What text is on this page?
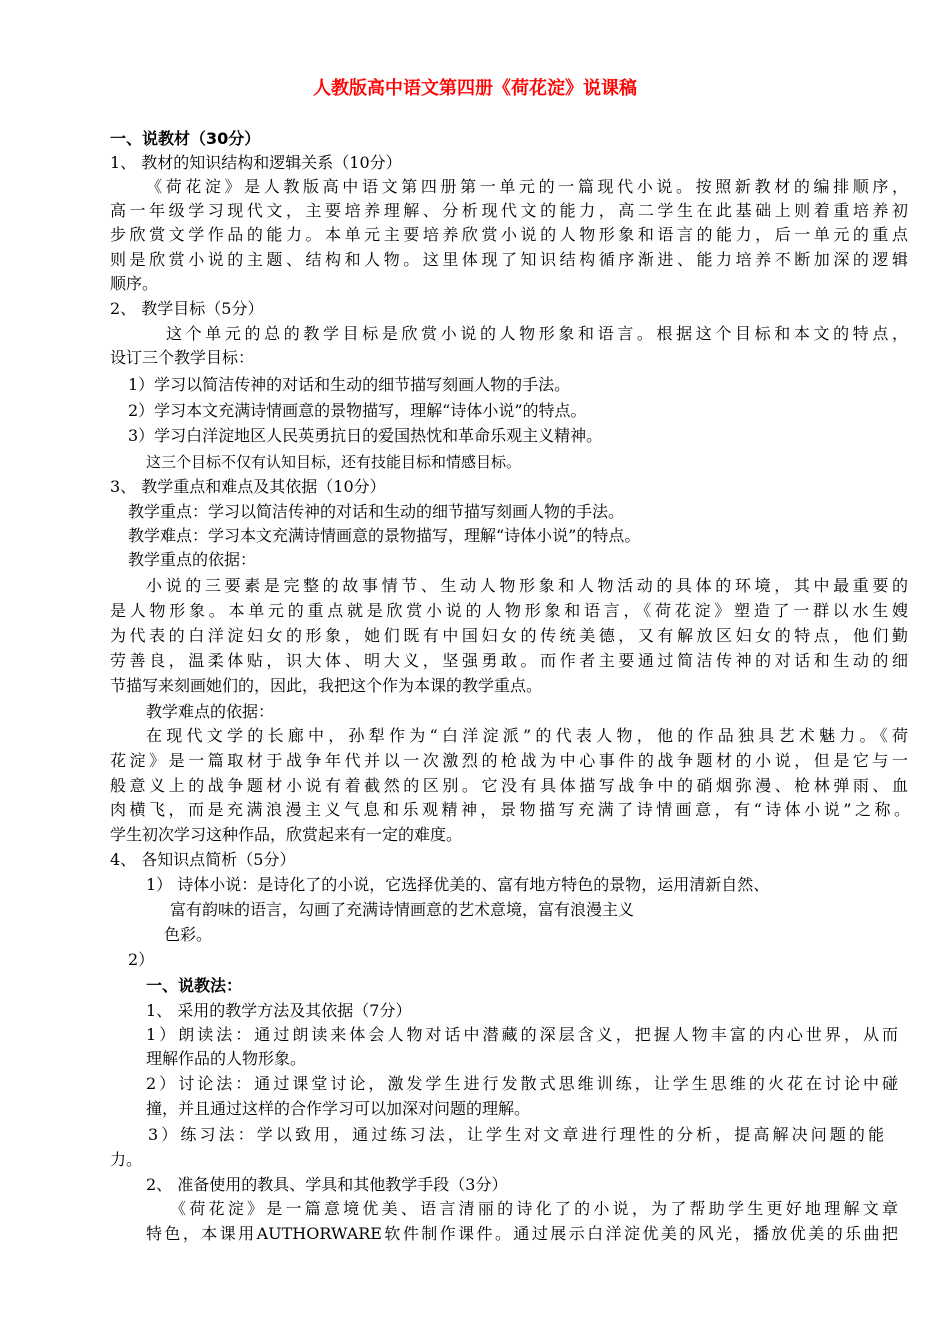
人教版高中语文第四册《荷花淀》说课稿
一、说教材（30分）
1、 教材的知识结构和逻辑关系（10分）
《荷花淀》是人教版高中语文第四册第一单元的一篇现代小说。按照新教材的编排顺序，
高一年级学习现代文，主要培养理解、分析现代文的能力，高二学生在此基础上则着重培养初
步欣赏文学作品的能力。本单元主要培养欣赏小说的人物形象和语言的能力，后一单元的重点
则是欣赏小说的主题、结构和人物。这里体现了知识结构循序渐进、能力培养不断加深的逻辑
顺序。
2、 教学目标（5分）
这个单元的总的教学目标是欣赏小说的人物形象和语言。根据这个目标和本文的特点，
设订三个教学目标：
1）学习以简洁传神的对话和生动的细节描写刻画人物的手法。
2）学习本文充满诗情画意的景物描写，理解“诗体小说”的特点。
3）学习白洋淀地区人民英勇抗日的爱国热忱和革命乐观主义精神。
这三个目标不仅有认知目标，还有技能目标和情感目标。
3、 教学重点和难点及其依据（10分）
教学重点：学习以简洁传神的对话和生动的细节描写刻画人物的手法。
教学难点：学习本文充满诗情画意的景物描写，理解“诗体小说”的特点。
教学重点的依据：
小说的三要素是完整的故事情节、生动人物形象和人物活动的具体的环境，其中最重要的
是人物形象。本单元的重点就是欣赏小说的人物形象和语言，《荷花淀》塑造了一群以水生嫂
为代表的白洋淀妇女的形象，她们既有中国妇女的传统美德，又有解放区妇女的特点，他们勤
劳善良，温柔体贴，识大体、明大义，坚强勇敢。而作者主要通过简洁传神的对话和生动的细
节描写来刻画她们的，因此，我把这个作为本课的教学重点。
教学难点的依据：
在现代文学的长廊中，孙犁作为“白洋淀派”的代表人物，他的作品独具艺术魅力。《荷
花淀》是一篇取材于战争年代并以一次激烈的枪战为中心事件的战争题材的小说，但是它与一
般意义上的战争题材小说有着截然的区别。它没有具体描写战争中的硝烟弥漫、枪林弹雨、血
肉横飞，而是充满浪漫主义气息和乐观精神，景物描写充满了诗情画意，有“诗体小说”之称。
学生初次学习这种作品，欣赏起来有一定的难度。
4、 各知识点简析（5分）
1） 诗体小说：是诗化了的小说，它选择优美的、富有地方特色的景物，运用清新自然、
富有韵味的语言，勾画了充满诗情画意的艺术意境，富有浪漫主义
色彩。
2）
一、说教法：
1、 采用的教学方法及其依据（7分）
1）朗读法：通过朗读来体会人物对话中潜藏的深层含义，把握人物丰富的内心世界，从而
理解作品的人物形象。
2）讨论法：通过课堂讨论，激发学生进行发散式思维训练，让学生思维的火花在讨论中碰
撞，并且通过这样的合作学习可以加深对问题的理解。
3）练习法：学以致用，通过练习法，让学生对文章进行理性的分析，提高解决问题的能
力。
2、 准备使用的教具、学具和其他教学手段（3分）
《荷花淀》是一篇意境优美、语言清丽的诗化了的小说，为了帮助学生更好地理解文章
特色，本课用AUTHORWARE软件制作课件。通过展示白洋淀优美的风光，播放优美的乐曲把
